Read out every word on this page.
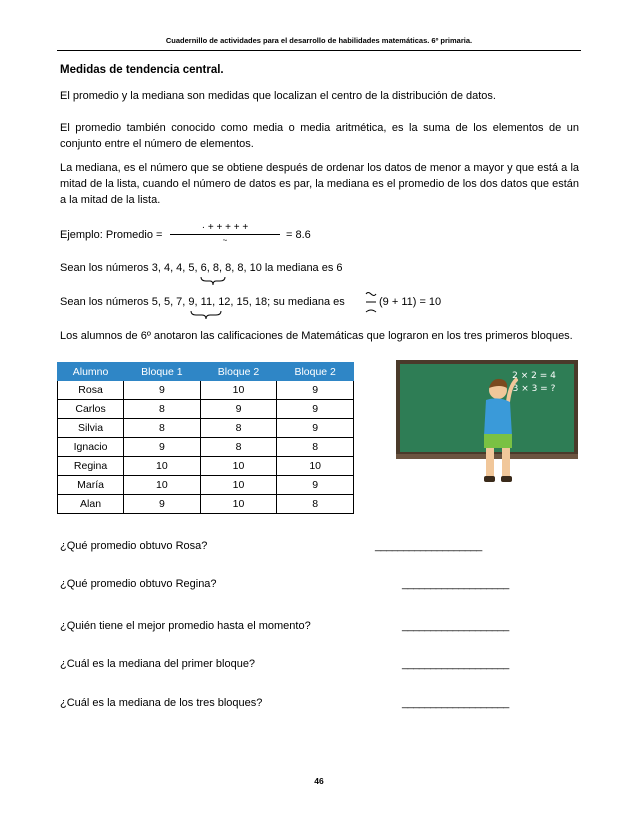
Cuadernillo de actividades para el desarrollo de habilidades matemáticas. 6º primaria.
Medidas de tendencia central.
El promedio y la mediana son medidas que localizan el centro de la distribución de datos.
El promedio también conocido como media o media aritmética, es la suma de los elementos de un conjunto entre el número de elementos.
La mediana, es el número que se obtiene después de ordenar los datos de menor a mayor y que está a la mitad de la lista, cuando el número de datos es par, la mediana es el promedio de los dos datos que están a la mitad de la lista.
Ejemplo: Promedio =
· + + + + +
~	= 8.6
Sean los números 3, 4, 4, 5, 6, 8, 8, 8, 10 la mediana es 6
Sean los números 5, 5, 7, 9, 11, 12, 15, 18; su mediana es	(9 + 11) = 10
Los alumnos de 6º anotaron las calificaciones de Matemáticas que lograron en los tres primeros bloques.
Alumno	Bloque 1	Bloque 2	Bloque 2
Rosa	9	10	9
Carlos	8	9	9
Silvia	8	8	9
Ignacio	9	8	8
Regina	10	10	10
María	10	10	9
Alan	9	10	8
2 × 2 = 4
3 × 3 = ?
¿Qué promedio obtuvo Rosa?	___________________
¿Qué promedio obtuvo Regina?	___________________
¿Quién tiene el mejor promedio hasta el momento?	___________________
¿Cuál es la mediana del primer bloque?	___________________
¿Cuál es la mediana de los tres bloques?	___________________
46
